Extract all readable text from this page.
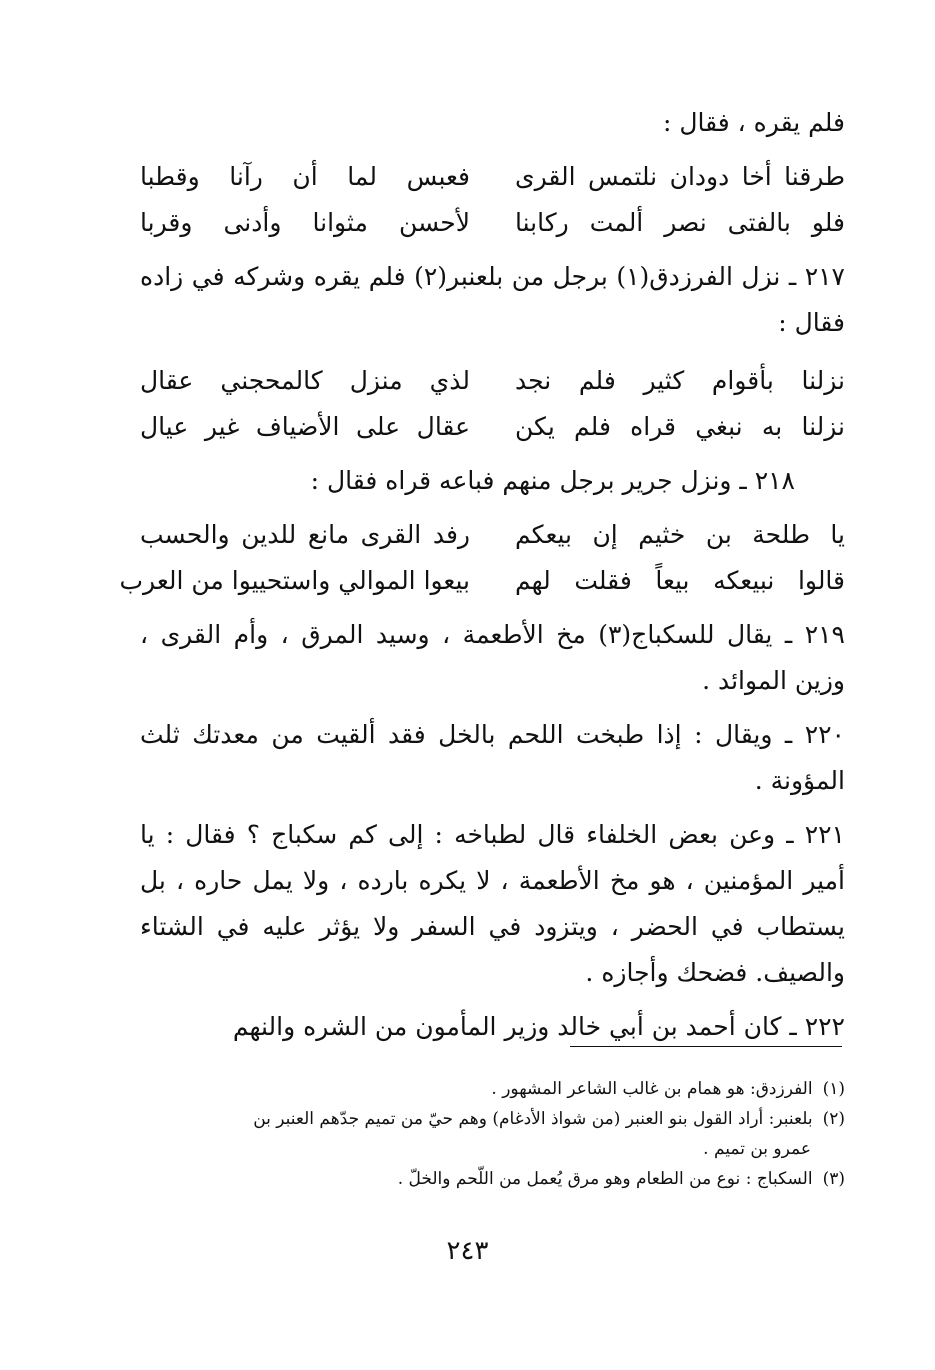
فلم يقره ، فقال :

طرقنا أخا دودان نلتمس القرى
فعبس لما أن رآنا وقطبا
فلو بالفتى نصر ألمت ركابنا
لأحسن مثوانا وأدنى وقربا

٢١٧ ـ نزل الفرزدق(١) برجل من بلعنبر(٢) فلم يقره وشركه في زاده فقال :

نزلنا بأقوام كثير فلم نجد
لذي منزل كالمحجني عقال
نزلنا به نبغي قراه فلم يكن
عقال على الأضياف غير عيال

٢١٨ ـ ونزل جرير برجل منهم فباعه قراه فقال :

يا طلحة بن خثيم إن بيعكم
رفد القرى مانع للدين والحسب
قالوا نبيعكه بيعاً فقلت لهم
بيعوا الموالي واستحييوا من العرب

٢١٩ ـ يقال للسكباج(٣) مخ الأطعمة ، وسيد المرق ، وأم القرى ، وزين الموائد .

٢٢٠ ـ ويقال : إذا طبخت اللحم بالخل فقد ألقيت من معدتك ثلث المؤونة .

٢٢١ ـ وعن بعض الخلفاء قال لطباخه : إلى كم سكباج ؟ فقال : يا أمير المؤمنين ، هو مخ الأطعمة ، لا يكره بارده ، ولا يمل حاره ، بل يستطاب في الحضر ، ويتزود في السفر ولا يؤثر عليه في الشتاء والصيف. فضحك وأجازه .

٢٢٢ ـ كان أحمد بن أبي خالد وزير المأمون من الشره والنهم

(١)الفرزدق: هو همام بن غالب الشاعر المشهور .

(٢)بلعنبر: أراد القول بنو العنبر (من شواذ الأدغام) وهم حيّ من تميم جدّهم العنبر بن

عمرو بن تميم .

(٣)السكباج : نوع من الطعام وهو مرق يُعمل من اللّحم والخلّ .

٢٤٣
